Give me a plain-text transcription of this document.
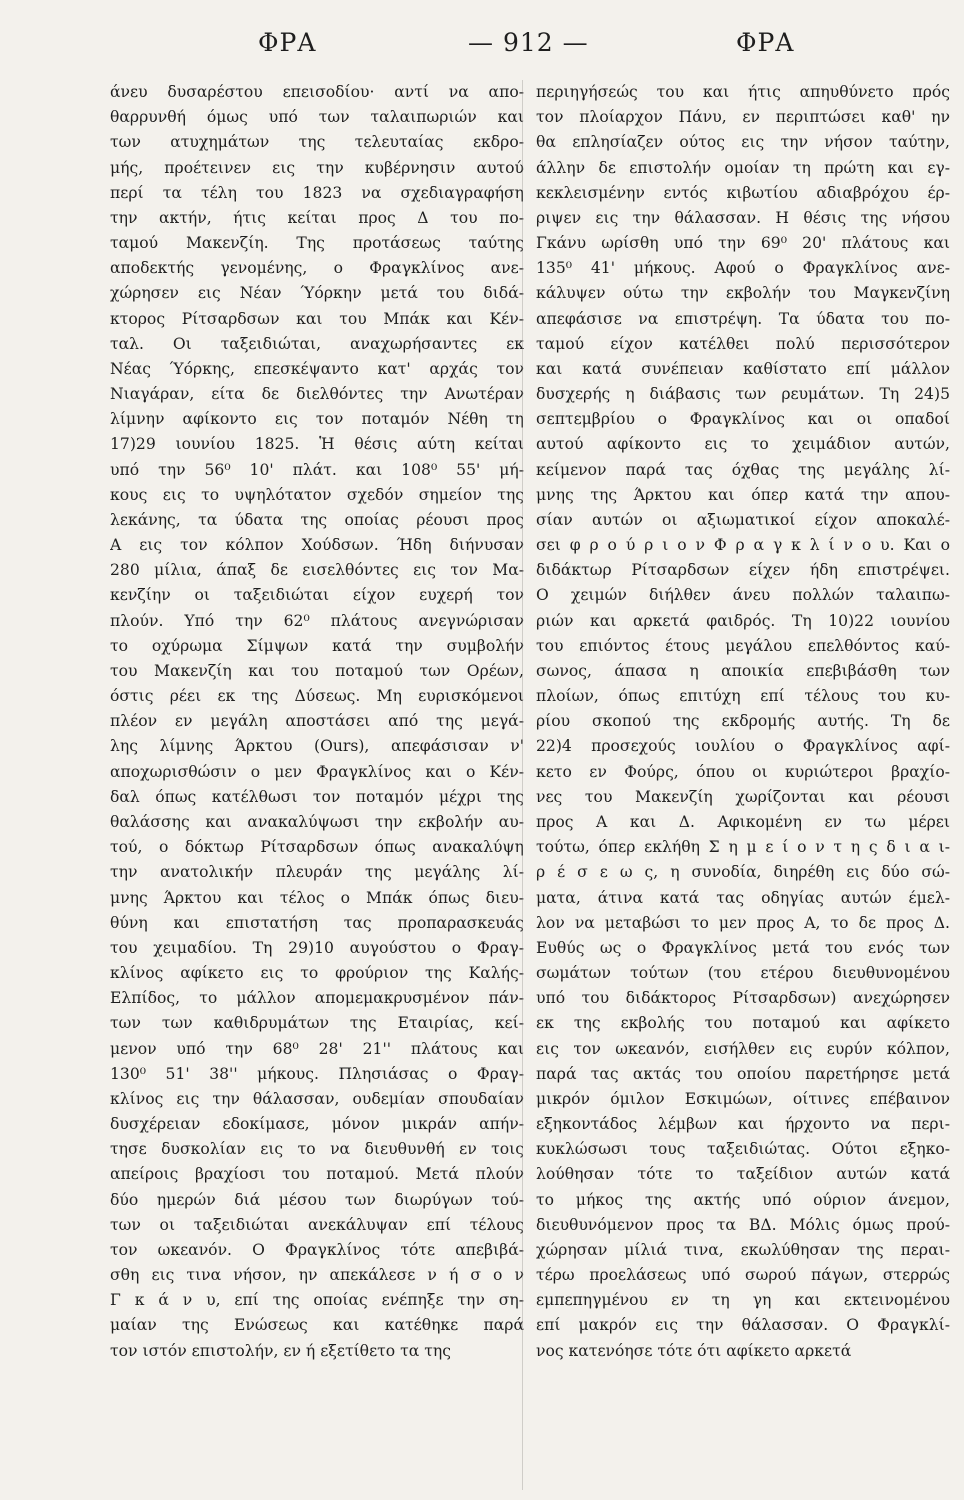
ΦΡΑ	— 912 —	ΦΡΑ
άνευ δυσαρέστου επεισοδίου· αντί να απο-
θαρρυνθή όμως υπό των ταλαιπωριών και
των ατυχημάτων της τελευταίας εκδρο-
μής, προέτεινεν εις την κυβέρνησιν αυτού
περί τα τέλη του 1823 να σχεδιαγραφήση
την ακτήν, ήτις κείται προς Δ του πο-
ταμού Μακενζίη. Της προτάσεως ταύτης
αποδεκτής γενομένης, ο Φραγκλίνος ανε-
χώρησεν εις Νέαν Ύόρκην μετά του διδά-
κτορος Ρίτσαρδσων και του Μπάκ και Κέν-
ταλ. Οι ταξειδιώται, αναχωρήσαντες εκ
Νέας Ύόρκης, επεσκέψαντο κατ' αρχάς τον
Νιαγάραν, είτα δε διελθόντες την Ανωτέραν
λίμνην αφίκοντο εις τον ποταμόν Νέθη τη
17)29 ιουνίου 1825. Ἡ θέσις αύτη κείται
υπό την 56⁰ 10' πλάτ. και 108⁰ 55' μή-
κους εις το υψηλότατον σχεδόν σημείον της
λεκάνης, τα ύδατα της οποίας ρέουσι προς
Α εις τον κόλπον Χούδσων. Ήδη διήνυσαν
280 μίλια, άπαξ δε εισελθόντες εις τον Μα-
κενζίην οι ταξειδιώται είχον ευχερή τον
πλούν. Υπό την 62⁰ πλάτους ανεγνώρισαν
το οχύρωμα Σίμψων κατά την συμβολήν
του Μακενζίη και του ποταμού των Ορέων,
όστις ρέει εκ της Δύσεως. Μη ευρισκόμενοι
πλέον εν μεγάλη αποστάσει από της μεγά-
λης λίμνης Άρκτου (Ours), απεφάσισαν ν'
αποχωρισθώσιν ο μεν Φραγκλίνος και ο Κέν-
δαλ όπως κατέλθωσι τον ποταμόν μέχρι της
θαλάσσης και ανακαλύψωσι την εκβολήν αυ-
τού, ο δόκτωρ Ρίτσαρδσων όπως ανακαλύψη
την ανατολικήν πλευράν της μεγάλης λί-
μνης Άρκτου και τέλος ο Μπάκ όπως διευ-
θύνη και επιστατήση τας προπαρασκευάς
του χειμαδίου. Τη 29)10 αυγούστου ο Φραγ-
κλίνος αφίκετο εις το φρούριον της Καλής-
Ελπίδος, το μάλλον απομεμακρυσμένον πάν-
των των καθιδρυμάτων της Εταιρίας, κεί-
μενον υπό την 68⁰ 28' 21'' πλάτους και
130⁰ 51' 38'' μήκους. Πλησιάσας ο Φραγ-
κλίνος εις την θάλασσαν, ουδεμίαν σπουδαίαν
δυσχέρειαν εδοκίμασε, μόνον μικράν απήν-
τησε δυσκολίαν εις το να διευθυνθή εν τοις
απείροις βραχίοσι του ποταμού. Μετά πλούν
δύο ημερών διά μέσου των διωρύγων τού-
των οι ταξειδιώται ανεκάλυψαν επί τέλους
τον ωκεανόν. Ο Φραγκλίνος τότε απεβιβά-
σθη εις τινα νήσον, ην απεκάλεσε ν ή σ ο ν
Γ κ ά ν υ, επί της οποίας ενέπηξε την ση-
μαίαν της Ενώσεως και κατέθηκε παρά
τον ιστόν επιστολήν, εν ή εξετίθετο τα της
περιηγήσεώς του και ήτις απηυθύνετο πρός
τον πλοίαρχον Πάνυ, εν περιπτώσει καθ' ην
θα επλησίαζεν ούτος εις την νήσον ταύτην,
άλλην δε επιστολήν ομοίαν τη πρώτη και εγ-
κεκλεισμένην εντός κιβωτίου αδιαβρόχου έρ-
ριψεν εις την θάλασσαν. Η θέσις της νήσου
Γκάνυ ωρίσθη υπό την 69⁰ 20' πλάτους και
135⁰ 41' μήκους. Αφού ο Φραγκλίνος ανε-
κάλυψεν ούτω την εκβολήν του Μαγκενζίνη
απεφάσισε να επιστρέψη. Τα ύδατα του πο-
ταμού είχον κατέλθει πολύ περισσότερον
και κατά συνέπειαν καθίστατο επί μάλλον
δυσχερής η διάβασις των ρευμάτων. Τη 24)5
σεπτεμβρίου ο Φραγκλίνος και οι οπαδοί
αυτού αφίκοντο εις το χειμάδιον αυτών,
κείμενον παρά τας όχθας της μεγάλης λί-
μνης της Άρκτου και όπερ κατά την απου-
σίαν αυτών οι αξιωματικοί είχον αποκαλέ-
σει φ ρ ο ύ ρ ι ο ν Φ ρ α γ κ λ ί ν ο υ. Και ο
διδάκτωρ Ρίτσαρδσων είχεν ήδη επιστρέψει.
Ο χειμών διήλθεν άνευ πολλών ταλαιπω-
ριών και αρκετά φαιδρός. Τη 10)22 ιουνίου
του επιόντος έτους μεγάλου επελθόντος καύ-
σωνος, άπασα η αποικία επεβιβάσθη των
πλοίων, όπως επιτύχη επί τέλους του κυ-
ρίου σκοπού της εκδρομής αυτής. Τη δε
22)4 προσεχούς ιουλίου ο Φραγκλίνος αφί-
κετο εν Φούρς, όπου οι κυριώτεροι βραχίο-
νες του Μακενζίη χωρίζονται και ρέουσι
προς Α και Δ. Αφικομένη εν τω μέρει
τούτω, όπερ εκλήθη Σ η μ ε ί ο ν τ η ς δ ι α ι-
ρ έ σ ε ω ς, η συνοδία, διηρέθη εις δύο σώ-
ματα, άτινα κατά τας οδηγίας αυτών έμελ-
λον να μεταβώσι το μεν προς Α, το δε προς Δ.
Ευθύς ως ο Φραγκλίνος μετά του ενός των
σωμάτων τούτων (του ετέρου διευθυνομένου
υπό του διδάκτορος Ρίτσαρδσων) ανεχώρησεν
εκ της εκβολής του ποταμού και αφίκετο
εις τον ωκεανόν, εισήλθεν εις ευρύν κόλπον,
παρά τας ακτάς του οποίου παρετήρησε μετά
μικρόν όμιλον Εσκιμώων, οίτινες επέβαινον
εξηκοντάδος λέμβων και ήρχοντο να περι-
κυκλώσωσι τους ταξειδιώτας. Ούτοι εξηκο-
λούθησαν τότε το ταξείδιον αυτών κατά
το μήκος της ακτής υπό ούριον άνεμον,
διευθυνόμενον προς τα ΒΔ. Μόλις όμως πρού-
χώρησαν μίλιά τινα, εκωλύθησαν της περαι-
τέρω προελάσεως υπό σωρού πάγων, στερρώς
εμπεπηγμένου εν τη γη και εκτεινομένου
επί μακρόν εις την θάλασσαν. Ο Φραγκλί-
νος κατενόησε τότε ότι αφίκετο αρκετά
